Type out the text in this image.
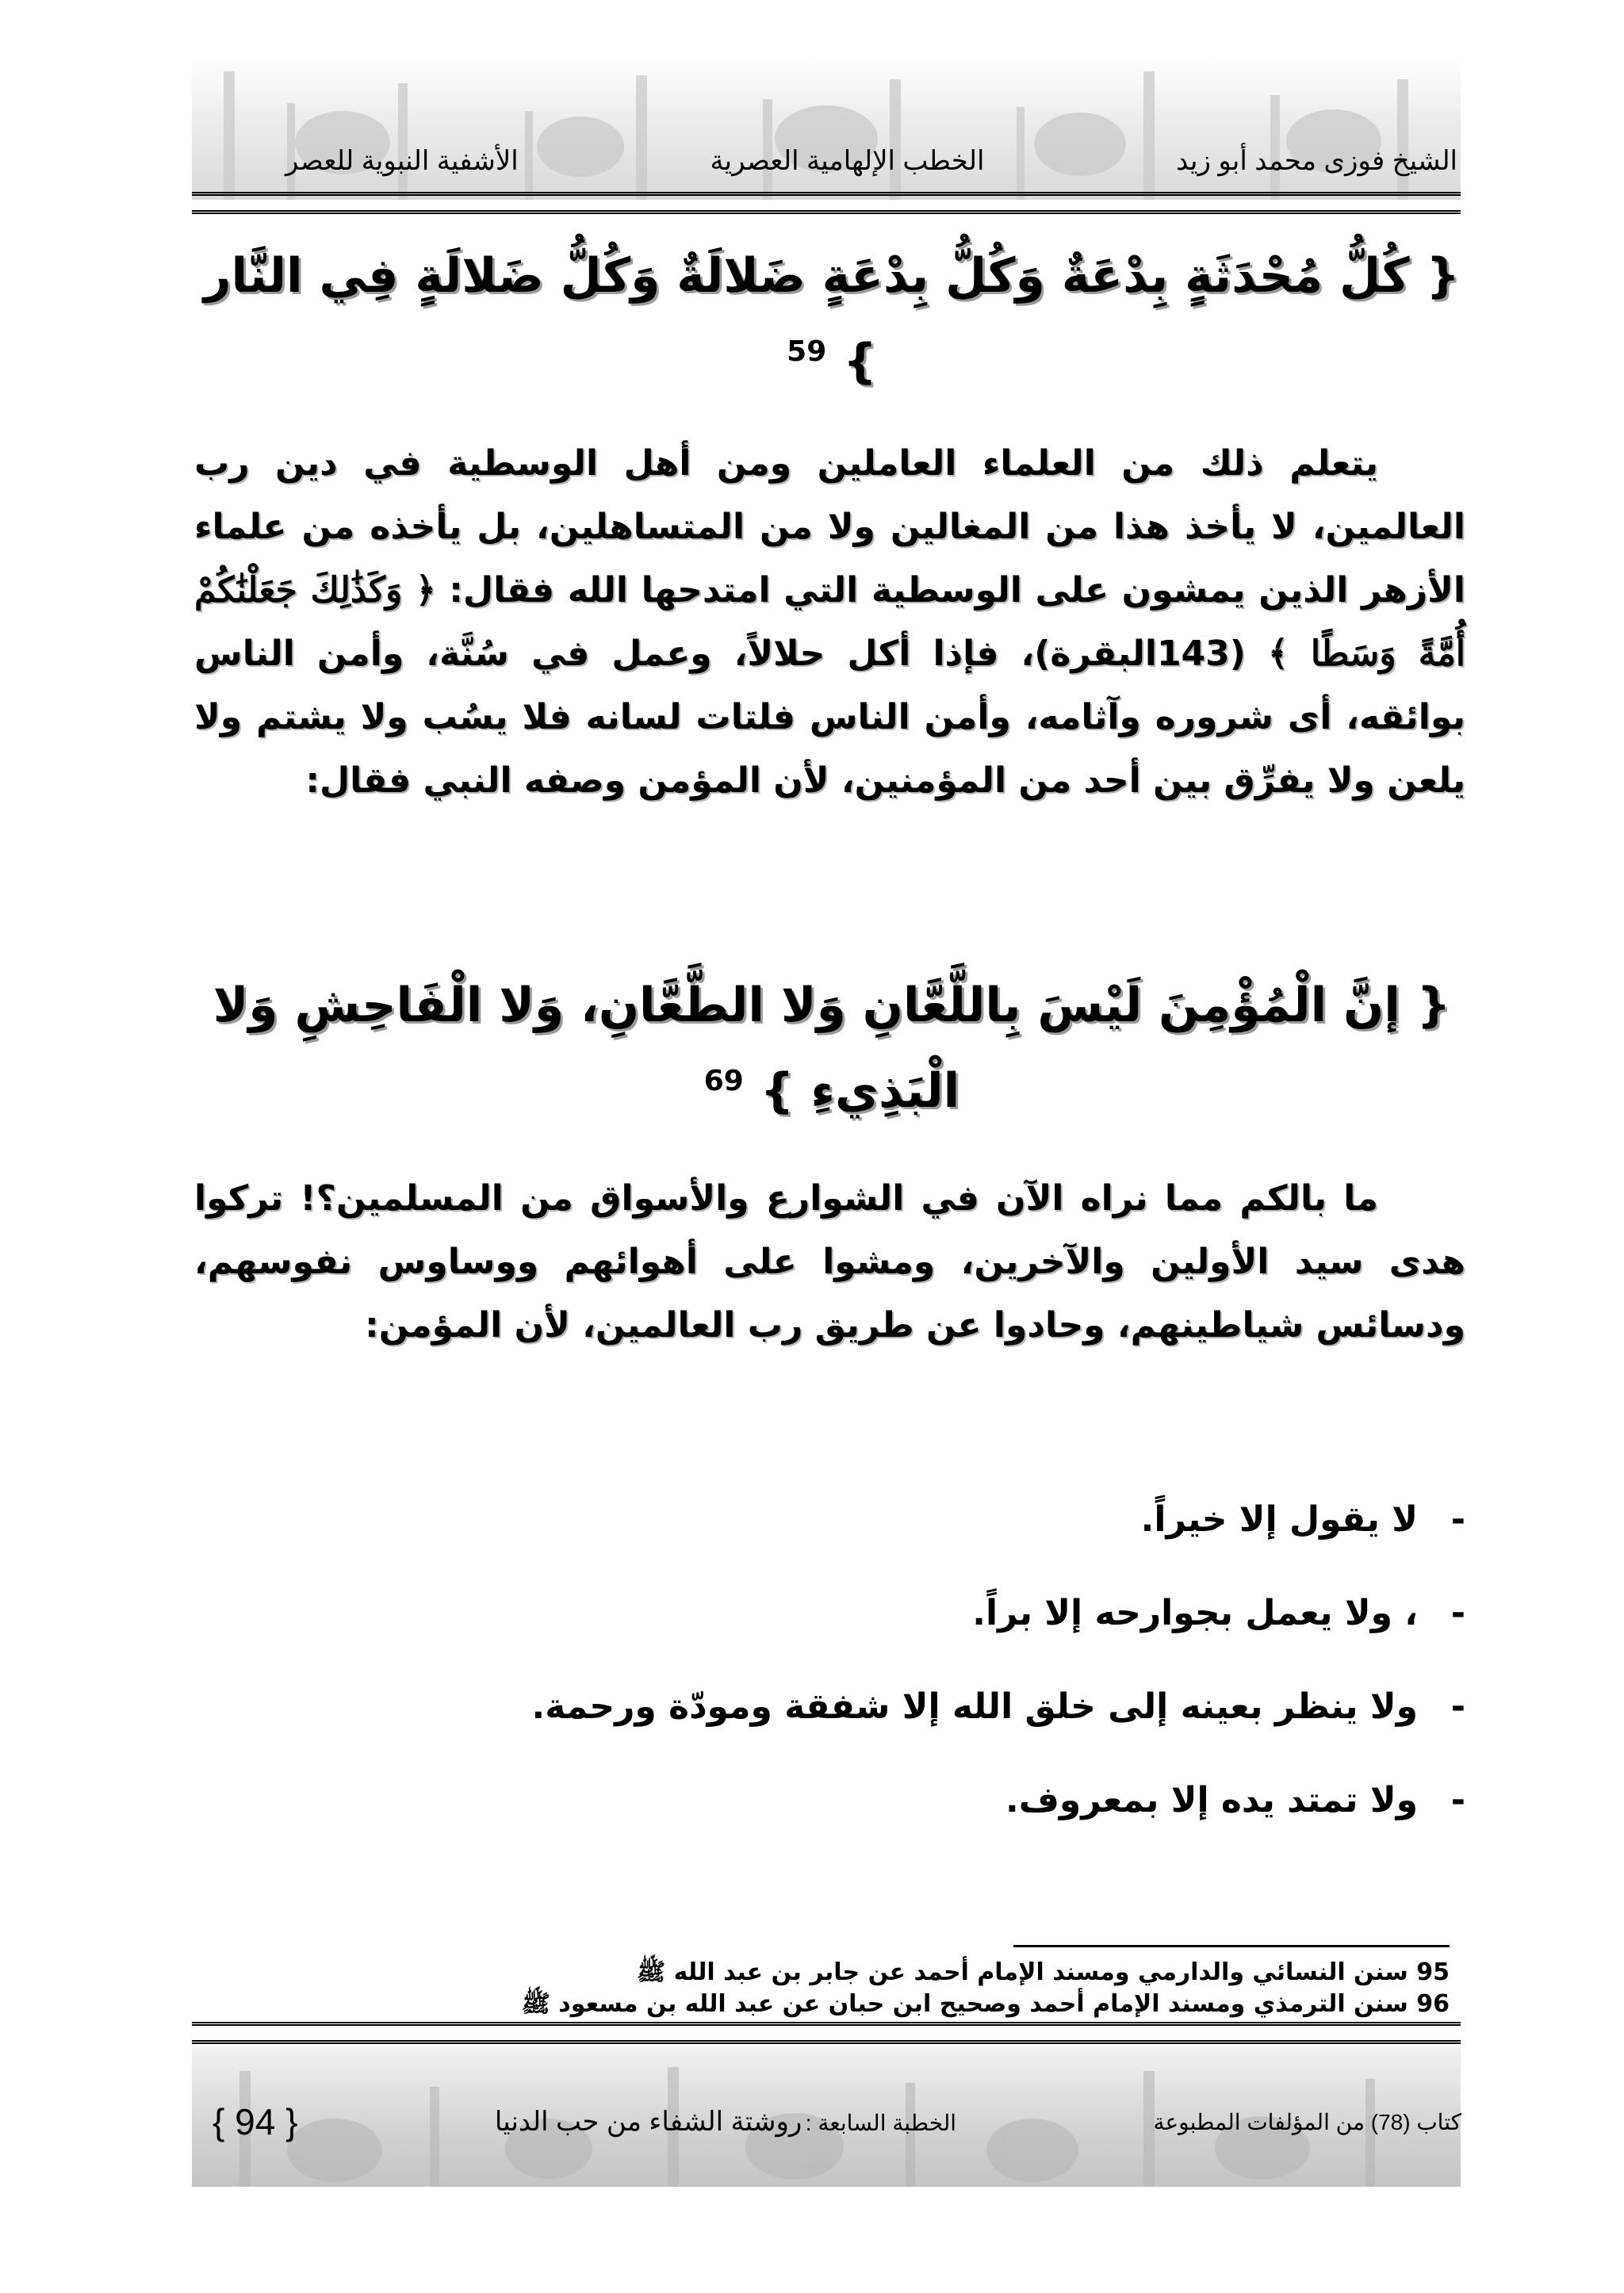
الشيخ فوزى محمد أبو زيد
الخطب الإلهامية العصرية
الأشفية النبوية للعصر
{ كُلُّ مُحْدَثَةٍ بِدْعَةٌ وَكُلُّ بِدْعَةٍ ضَلالَةٌ وَكُلُّ ضَلالَةٍ فِي النَّار
} $^{59}$

يتعلم ذلك من العلماء العاملين ومن أهل الوسطية في دين رب العالمين، لا يأخذ هذا من المغالين ولا من المتساهلين، بل يأخذه من علماء الأزهر الذين يمشون على الوسطية التي امتدحها الله فقال: ﴿ وَكَذَٰلِكَ جَعَلْنَٰكُمْ أُمَّةً وَسَطًا ﴾ (143البقرة)، فإذا أكل حلالاً، وعمل في سُنَّة، وأمن الناس بوائقه، أى شروره وآثامه، وأمن الناس فلتات لسانه فلا يسُب ولا يشتم ولا يلعن ولا يفرِّق بين أحد من المؤمنين، لأن المؤمن وصفه النبي فقال:

{ إنَّ الْمُؤْمِنَ لَيْسَ بِاللَّعَّانِ وَلا الطَّعَّانِ، وَلا الْفَاحِشِ وَلا الْبَذِيءِ } $^{69}$

ما بالكم مما نراه الآن في الشوارع والأسواق من المسلمين؟! تركوا هدى سيد الأولين والآخرين، ومشوا على أهوائهم ووساوس نفوسهم، ودسائس شياطينهم، وحادوا عن طريق رب العالمين، لأن المؤمن:

- لا يقول إلا خيراً.
- ، ولا يعمل بجوارحه إلا براً.
- ولا ينظر بعينه إلى خلق الله إلا شفقة ومودّة ورحمة.
- ولا تمتد يده إلا بمعروف.
95 سنن النسائي والدارمي ومسند الإمام أحمد عن جابر بن عبد الله ﷺ
96 سنن الترمذي ومسند الإمام أحمد وصحيح ابن حبان عن عبد الله بن مسعود ﷺ
كتاب (78) من المؤلفات المطبوعة
الخطبة السابعة : روشتة الشفاء من حب الدنيا
{ 94 }
